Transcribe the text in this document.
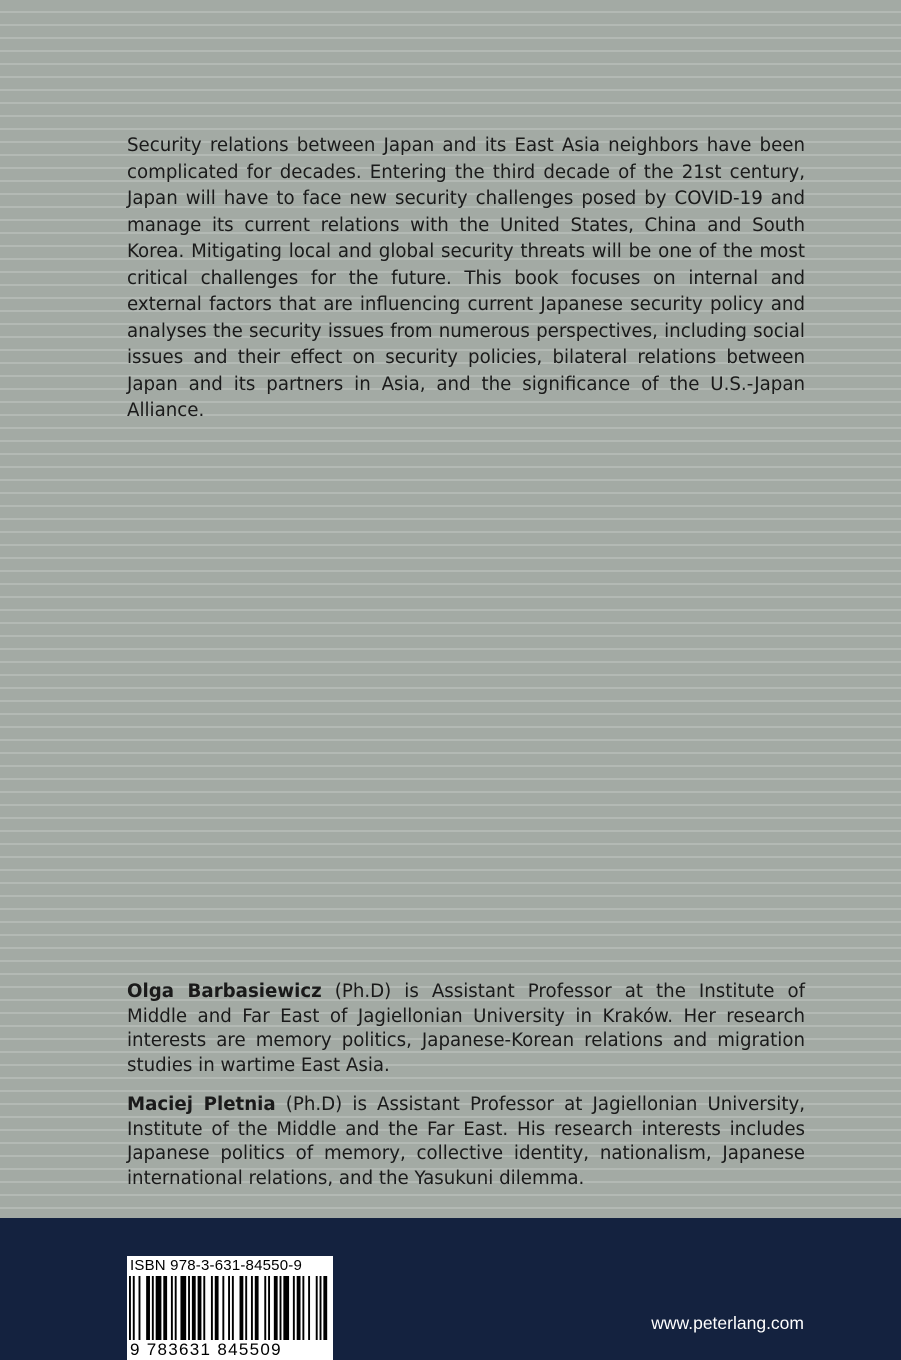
Security relations between Japan and its East Asia neighbors have been complicated for decades. Entering the third decade of the 21st century, Japan will have to face new security challenges posed by COVID-19 and manage its current relations with the United States, China and South Korea. Mitigating local and global security threats will be one of the most critical challenges for the future. This book focuses on internal and external factors that are influencing current Japanese security policy and analyses the security issues from numerous perspectives, including social issues and their effect on security policies, bilateral relations between Japan and its partners in Asia, and the significance of the U.S.-Japan Alliance.

Olga Barbasiewicz (Ph.D) is Assistant Professor at the Institute of Middle and Far East of Jagiellonian University in Kraków. Her research interests are memory politics, Japanese-Korean relations and migration studies in wartime East Asia.

Maciej Pletnia (Ph.D) is Assistant Professor at Jagiellonian University, Institute of the Middle and the Far East. His research interests includes Japanese politics of memory, collective identity, nationalism, Japanese international relations, and the Yasukuni dilemma.

ISBN 978-3-631-84550-9
9 783631 845509
www.peterlang.com
